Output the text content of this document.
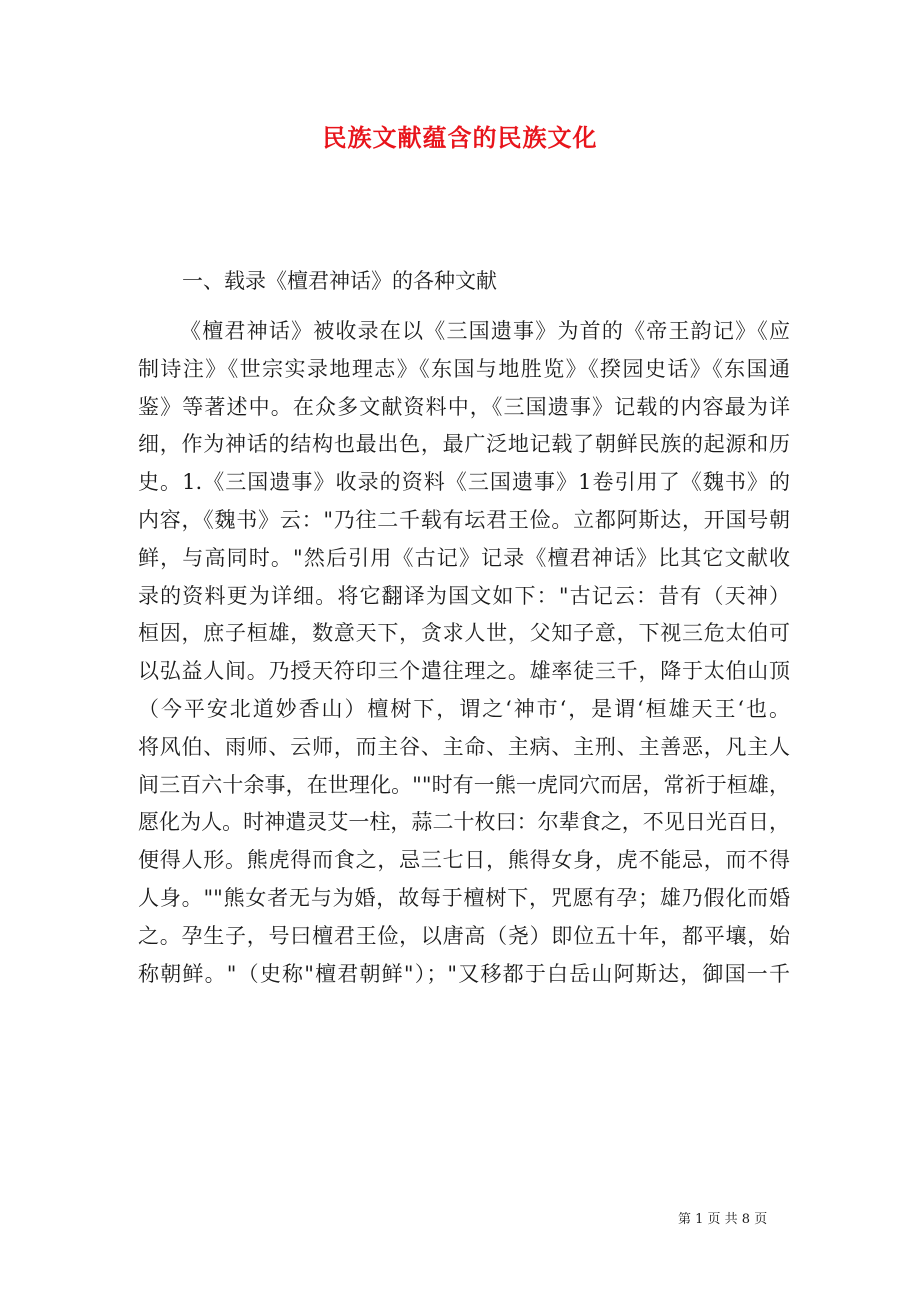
民族文献蕴含的民族文化
一、载录《檀君神话》的各种文献
《檀君神话》被收录在以《三国遗事》为首的《帝王韵记》《应
制诗注》《世宗实录地理志》《东国与地胜览》《揆园史话》《东国通
鉴》等著述中。在众多文献资料中，《三国遗事》记载的内容最为详
细，作为神话的结构也最出色，最广泛地记载了朝鲜民族的起源和历
史。1.《三国遗事》收录的资料《三国遗事》1卷引用了《魏书》的
内容，《魏书》云："乃往二千载有坛君王俭。立都阿斯达，开国号朝
鲜，与高同时。"然后引用《古记》记录《檀君神话》比其它文献收
录的资料更为详细。将它翻译为国文如下："古记云：昔有（天神）
桓因，庶子桓雄，数意天下，贪求人世，父知子意，下视三危太伯可
以弘益人间。乃授天符印三个遣往理之。雄率徒三千，降于太伯山顶
（今平安北道妙香山）檀树下，谓之‘神市‘，是谓‘桓雄天王‘也。
将风伯、雨师、云师，而主谷、主命、主病、主刑、主善恶，凡主人
间三百六十余事，在世理化。""时有一熊一虎同穴而居，常祈于桓雄，
愿化为人。时神遣灵艾一柱，蒜二十枚曰：尔辈食之，不见日光百日，
便得人形。熊虎得而食之，忌三七日，熊得女身，虎不能忌，而不得
人身。""熊女者无与为婚，故每于檀树下，咒愿有孕；雄乃假化而婚
之。孕生子，号曰檀君王俭，以唐高（尧）即位五十年，都平壤，始
称朝鲜。"（史称"檀君朝鲜"）；"又移都于白岳山阿斯达，御国一千
第 1 页 共 8 页
